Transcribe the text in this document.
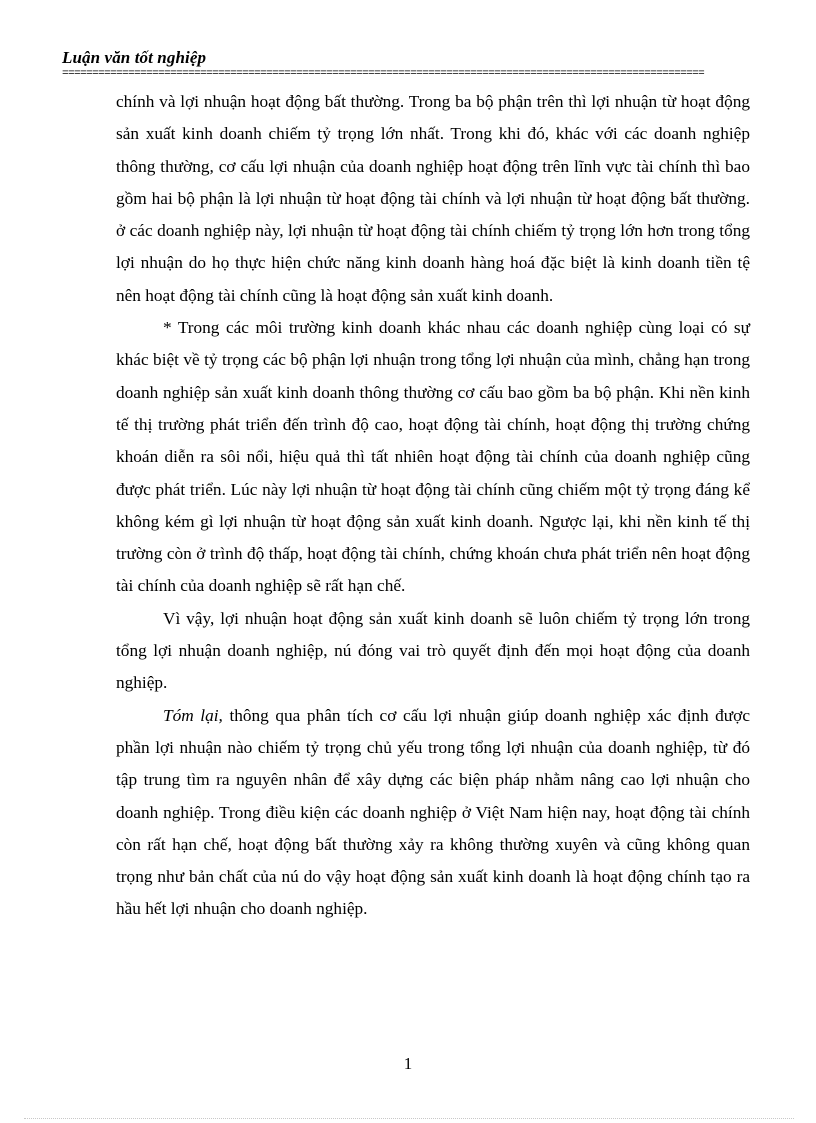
Luận văn tốt nghiệp
===========================================================================================================

chính và lợi nhuận hoạt động bất thường. Trong ba bộ phận trên thì lợi nhuận từ hoạt động sản xuất kinh doanh chiếm tỷ trọng lớn nhất. Trong khi đó, khác với các doanh nghiệp thông thường, cơ cấu lợi nhuận của doanh nghiệp hoạt động trên lĩnh vực tài chính thì bao gồm hai bộ phận là lợi nhuận từ hoạt động tài chính và lợi nhuận từ hoạt động bất thường. ở các doanh nghiệp này, lợi nhuận từ hoạt động tài chính chiếm tỷ trọng lớn hơn trong tổng lợi nhuận do họ thực hiện chức năng kinh doanh hàng hoá đặc biệt là kinh doanh tiền tệ nên hoạt động tài chính cũng là hoạt động sản xuất kinh doanh.

* Trong các môi trường kinh doanh khác nhau các doanh nghiệp cùng loại có sự khác biệt về tỷ trọng các bộ phận lợi nhuận trong tổng lợi nhuận của mình, chẳng hạn trong doanh nghiệp sản xuất kinh doanh thông thường cơ cấu bao gồm ba bộ phận. Khi nền kinh tế thị trường phát triển đến trình độ cao, hoạt động tài chính, hoạt động thị trường chứng khoán diễn ra sôi nổi, hiệu quả thì tất nhiên hoạt động tài chính của doanh nghiệp cũng được phát triển. Lúc này lợi nhuận từ hoạt động tài chính cũng chiếm một tỷ trọng đáng kể không kém gì lợi nhuận từ hoạt động sản xuất kinh doanh. Ngược lại, khi nền kinh tế thị trường còn ở trình độ thấp, hoạt động tài chính, chứng khoán chưa phát triển nên hoạt động tài chính của doanh nghiệp sẽ rất hạn chế.

Vì vậy, lợi nhuận hoạt động sản xuất kinh doanh sẽ luôn chiếm tỷ trọng lớn trong tổng lợi nhuận doanh nghiệp, nú đóng vai trò quyết định đến mọi hoạt động của doanh nghiệp.

Tóm lại, thông qua phân tích cơ cấu lợi nhuận giúp doanh nghiệp xác định được phần lợi nhuận nào chiếm tỷ trọng chủ yếu trong tổng lợi nhuận của doanh nghiệp, từ đó tập trung tìm ra nguyên nhân để xây dựng các biện pháp nhằm nâng cao lợi nhuận cho doanh nghiệp. Trong điều kiện các doanh nghiệp ở Việt Nam hiện nay, hoạt động tài chính còn rất hạn chế, hoạt động bất thường xảy ra không thường xuyên và cũng không quan trọng như bản chất của nú do vậy hoạt động sản xuất kinh doanh là hoạt động chính tạo ra hầu hết lợi nhuận cho doanh nghiệp.

1
